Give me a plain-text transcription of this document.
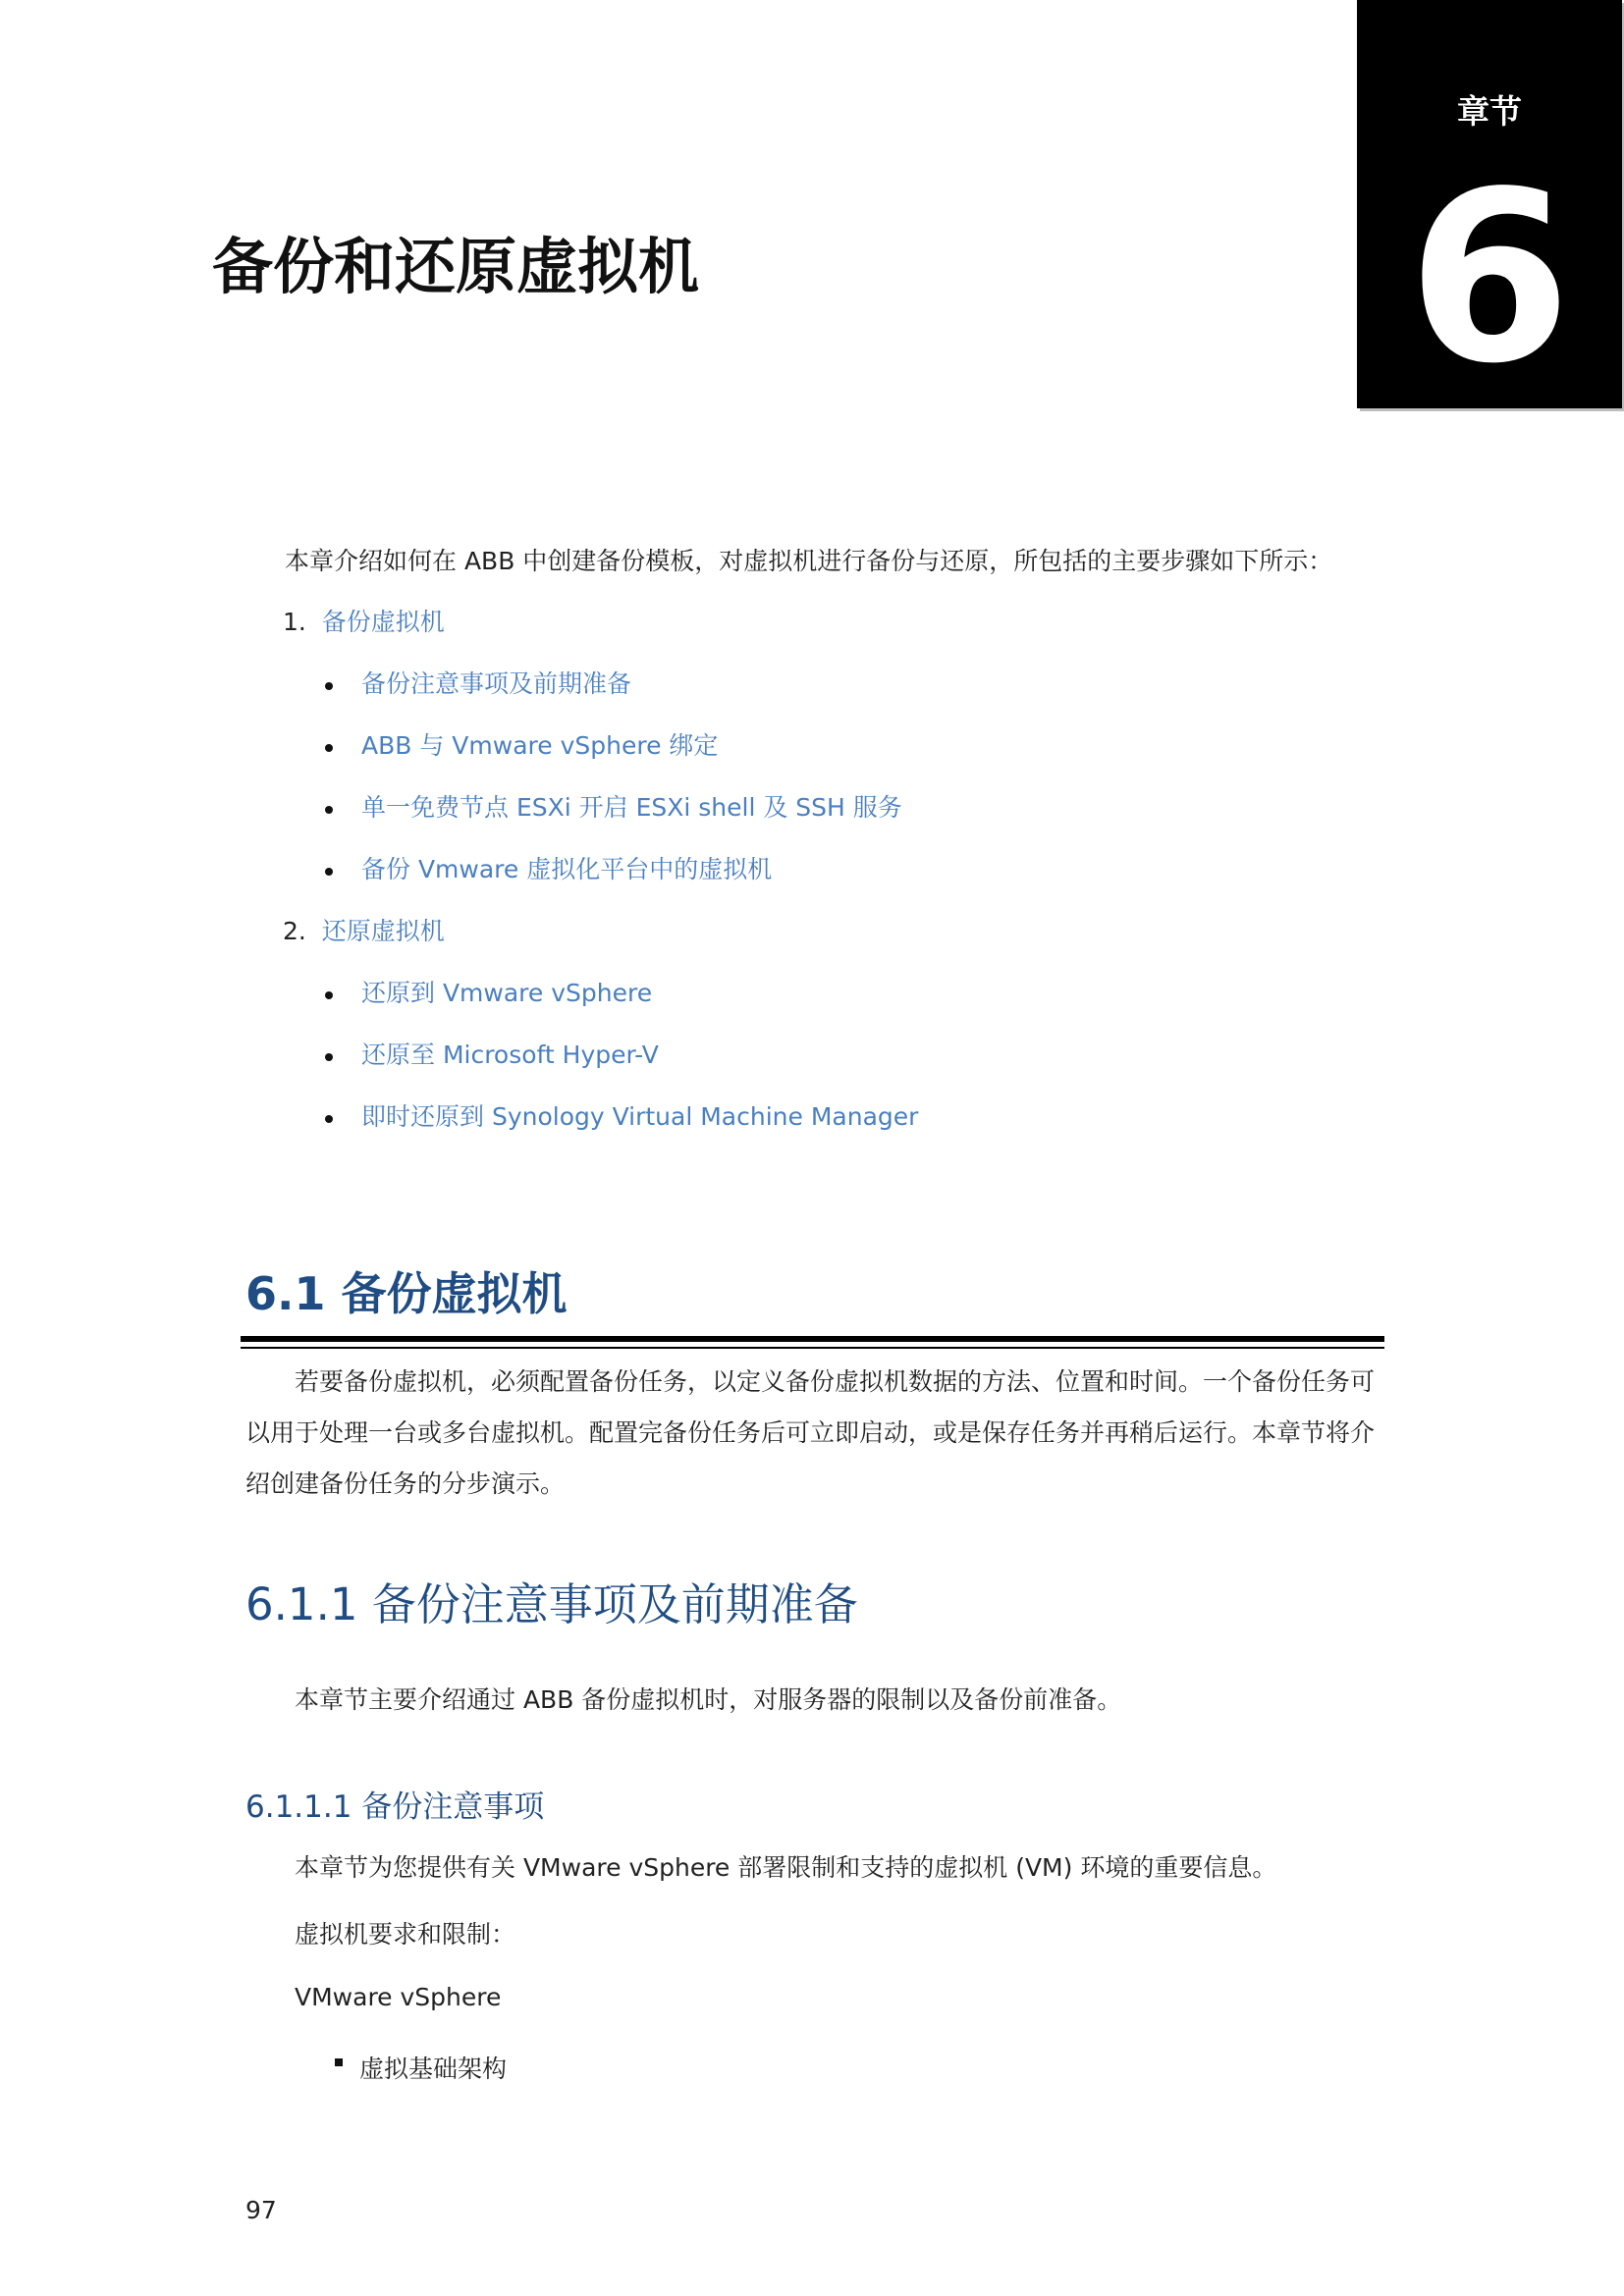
章节
6
备份和还原虚拟机
本章介绍如何在 ABB 中创建备份模板，对虚拟机进行备份与还原，所包括的主要步骤如下所示：
1. 备份虚拟机
备份注意事项及前期准备
ABB 与 Vmware vSphere 绑定
单一免费节点 ESXi 开启 ESXi shell 及 SSH 服务
备份 Vmware 虚拟化平台中的虚拟机
2. 还原虚拟机
还原到 Vmware vSphere
还原至 Microsoft Hyper-V
即时还原到 Synology Virtual Machine Manager
6.1 备份虚拟机

若要备份虚拟机，必须配置备份任务，以定义备份虚拟机数据的方法、位置和时间。一个备份任务可以用于处理一台或多台虚拟机。配置完备份任务后可立即启动，或是保存任务并再稍后运行。本章节将介绍创建备份任务的分步演示。

6.1.1 备份注意事项及前期准备
本章节主要介绍通过 ABB 备份虚拟机时，对服务器的限制以及备份前准备。
6.1.1.1 备份注意事项
本章节为您提供有关 VMware vSphere 部署限制和支持的虚拟机 (VM) 环境的重要信息。
虚拟机要求和限制：
VMware vSphere
虚拟基础架构
97
